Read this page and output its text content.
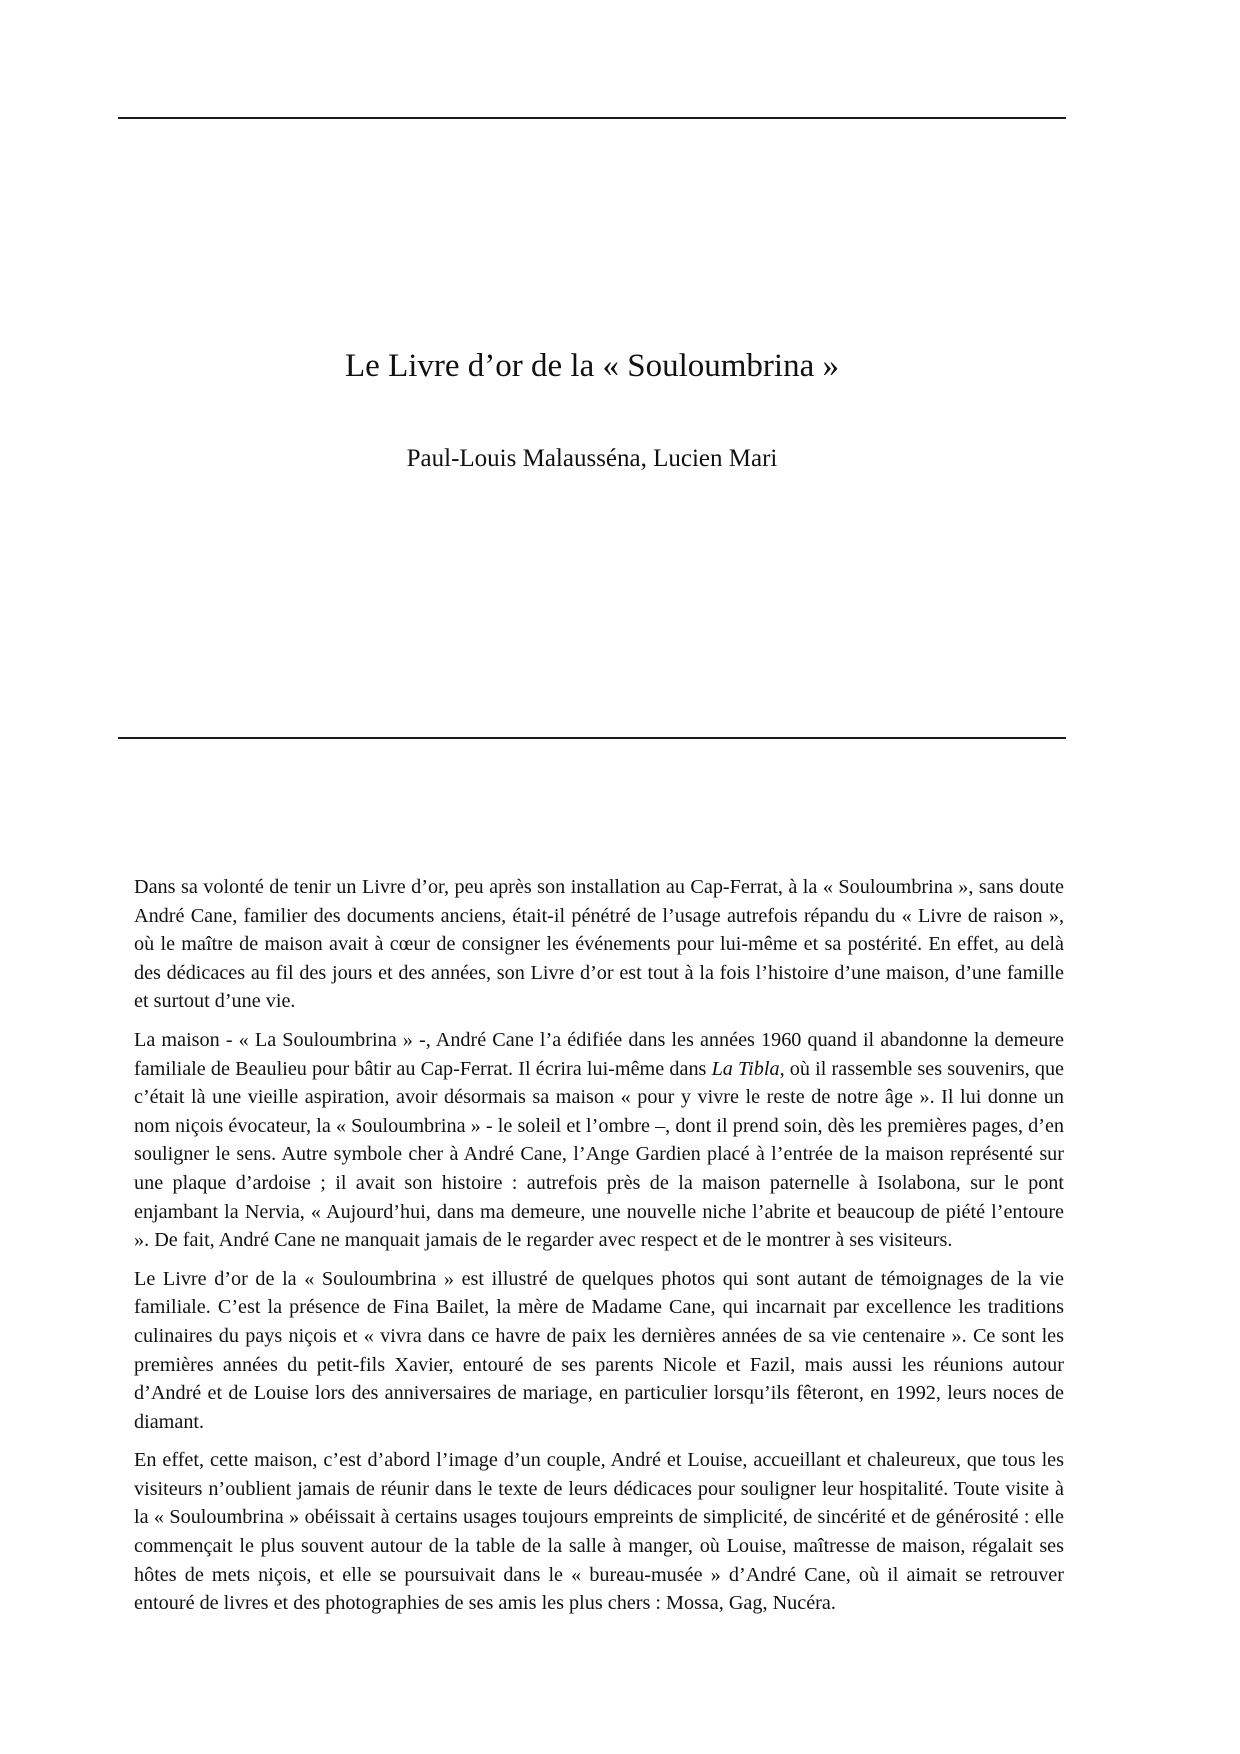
Le Livre d’or de la « Souloumbrina »
Paul-Louis Malausséna, Lucien Mari

Dans sa volonté de tenir un Livre d’or, peu après son installation au Cap-Ferrat, à la « Souloumbrina », sans doute André Cane, familier des documents anciens, était-il pénétré de l’usage autrefois répandu du « Livre de raison », où le maître de maison avait à cœur de consigner les événements pour lui-même et sa postérité. En effet, au delà des dédicaces au fil des jours et des années, son Livre d’or est tout à la fois l’histoire d’une maison, d’une famille et surtout d’une vie.

La maison - « La Souloumbrina » -, André Cane l’a édifiée dans les années 1960 quand il abandonne la demeure familiale de Beaulieu pour bâtir au Cap-Ferrat. Il écrira lui-même dans La Tibla, où il rassemble ses souvenirs, que c’était là une vieille aspiration, avoir désormais sa maison « pour y vivre le reste de notre âge ». Il lui donne un nom niçois évocateur, la « Souloumbrina » - le soleil et l’ombre –, dont il prend soin, dès les premières pages, d’en souligner le sens. Autre symbole cher à André Cane, l’Ange Gardien placé à l’entrée de la maison représenté sur une plaque d’ardoise ; il avait son histoire : autrefois près de la maison paternelle à Isolabona, sur le pont enjambant la Nervia, « Aujourd’hui, dans ma demeure, une nouvelle niche l’abrite et beaucoup de piété l’entoure ». De fait, André Cane ne manquait jamais de le regarder avec respect et de le montrer à ses visiteurs.

Le Livre d’or de la « Souloumbrina » est illustré de quelques photos qui sont autant de témoignages de la vie familiale. C’est la présence de Fina Bailet, la mère de Madame Cane, qui incarnait par excellence les traditions culinaires du pays niçois et « vivra dans ce havre de paix les dernières années de sa vie centenaire ». Ce sont les premières années du petit-fils Xavier, entouré de ses parents Nicole et Fazil, mais aussi les réunions autour d’André et de Louise lors des anniversaires de mariage, en particulier lorsqu’ils fêteront, en 1992, leurs noces de diamant.

En effet, cette maison, c’est d’abord l’image d’un couple, André et Louise, accueillant et chaleureux, que tous les visiteurs n’oublient jamais de réunir dans le texte de leurs dédicaces pour souligner leur hospitalité. Toute visite à la « Souloumbrina » obéissait à certains usages toujours empreints de simplicité, de sincérité et de générosité : elle commençait le plus souvent autour de la table de la salle à manger, où Louise, maîtresse de maison, régalait ses hôtes de mets niçois, et elle se poursuivait dans le « bureau-musée » d’André Cane, où il aimait se retrouver entouré de livres et des photographies de ses amis les plus chers : Mossa, Gag, Nucéra.
